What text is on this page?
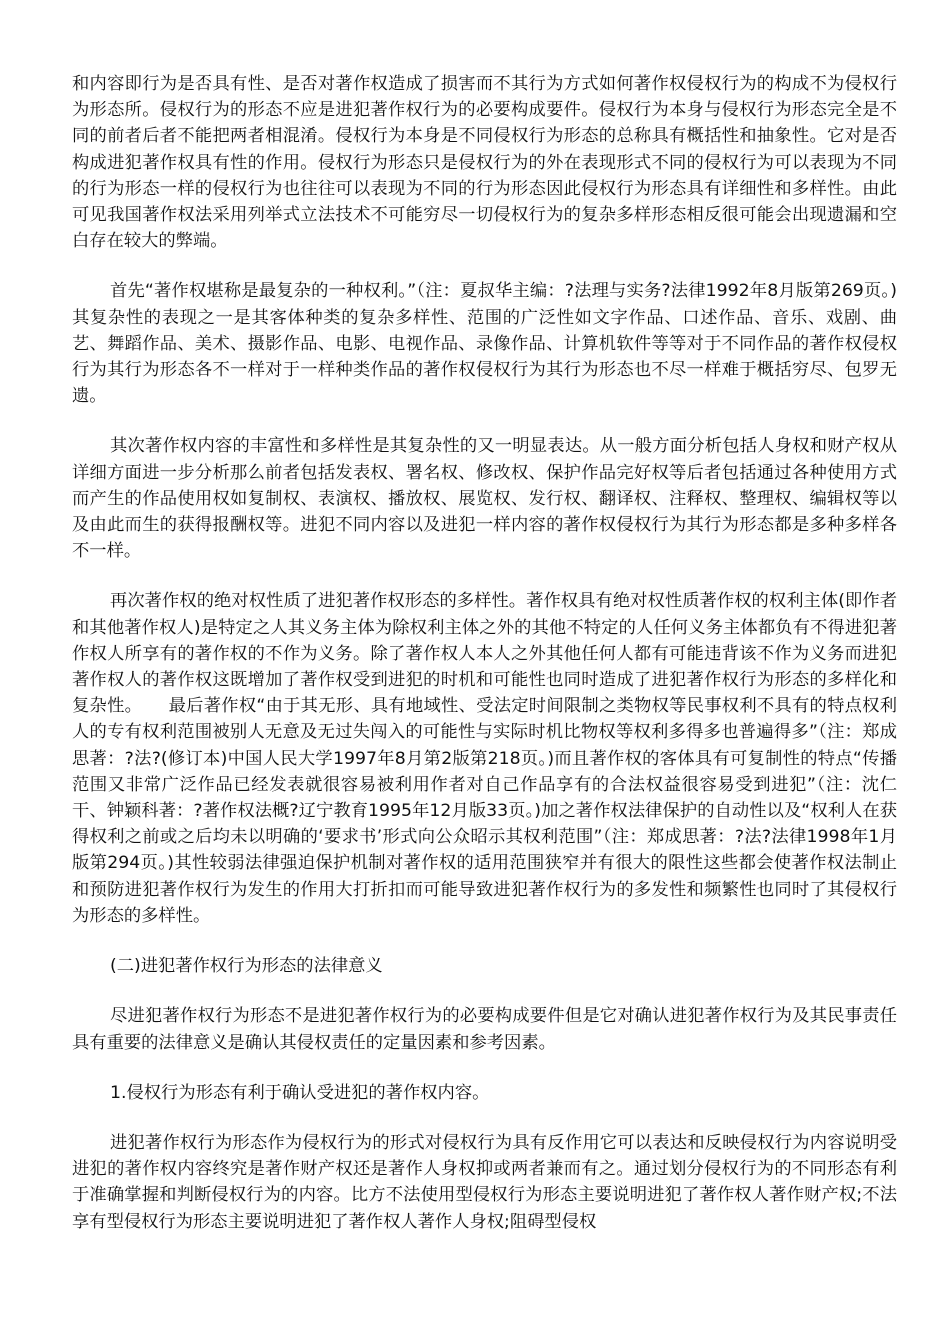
和内容即行为是否具有性、是否对著作权造成了损害而不其行为方式如何著作权侵权行为的构成不为侵权行为形态所。侵权行为的形态不应是进犯著作权行为的必要构成要件。侵权行为本身与侵权行为形态完全是不同的前者后者不能把两者相混淆。侵权行为本身是不同侵权行为形态的总称具有概括性和抽象性。它对是否构成进犯著作权具有性的作用。侵权行为形态只是侵权行为的外在表现形式不同的侵权行为可以表现为不同的行为形态一样的侵权行为也往往可以表现为不同的行为形态因此侵权行为形态具有详细性和多样性。由此可见我国著作权法采用列举式立法技术不可能穷尽一切侵权行为的复杂多样形态相反很可能会出现遗漏和空白存在较大的弊端。

首先“著作权堪称是最复杂的一种权利。”（注：夏叔华主编：?法理与实务?法律1992年8月版第269页。)其复杂性的表现之一是其客体种类的复杂多样性、范围的广泛性如文字作品、口述作品、音乐、戏剧、曲艺、舞蹈作品、美术、摄影作品、电影、电视作品、录像作品、计算机软件等等对于不同作品的著作权侵权行为其行为形态各不一样对于一样种类作品的著作权侵权行为其行为形态也不尽一样难于概括穷尽、包罗无遗。

其次著作权内容的丰富性和多样性是其复杂性的又一明显表达。从一般方面分析包括人身权和财产权从详细方面进一步分析那么前者包括发表权、署名权、修改权、保护作品完好权等后者包括通过各种使用方式而产生的作品使用权如复制权、表演权、播放权、展览权、发行权、翻译权、注释权、整理权、编辑权等以及由此而生的获得报酬权等。进犯不同内容以及进犯一样内容的著作权侵权行为其行为形态都是多种多样各不一样。

再次著作权的绝对权性质了进犯著作权形态的多样性。著作权具有绝对权性质著作权的权利主体(即作者和其他著作权人)是特定之人其义务主体为除权利主体之外的其他不特定的人任何义务主体都负有不得进犯著作权人所享有的著作权的不作为义务。除了著作权人本人之外其他任何人都有可能违背该不作为义务而进犯著作权人的著作权这既增加了著作权受到进犯的时机和可能性也同时造成了进犯著作权行为形态的多样化和复杂性。　　最后著作权“由于其无形、具有地域性、受法定时间限制之类物权等民事权利不具有的特点权利人的专有权利范围被别人无意及无过失闯入的可能性与实际时机比物权等权利多得多也普遍得多”（注：郑成思著：?法?(修订本)中国人民大学1997年8月第2版第218页。)而且著作权的客体具有可复制性的特点“传播范围又非常广泛作品已经发表就很容易被利用作者对自己作品享有的合法权益很容易受到进犯”（注：沈仁干、钟颖科著：?著作权法概?辽宁教育1995年12月版33页。)加之著作权法律保护的自动性以及“权利人在获得权利之前或之后均未以明确的‘要求书’形式向公众昭示其权利范围”（注：郑成思著：?法?法律1998年1月版第294页。)其性较弱法律强迫保护机制对著作权的适用范围狭窄并有很大的限性这些都会使著作权法制止和预防进犯著作权行为发生的作用大打折扣而可能导致进犯著作权行为的多发性和频繁性也同时了其侵权行为形态的多样性。

(二)进犯著作权行为形态的法律意义

尽进犯著作权行为形态不是进犯著作权行为的必要构成要件但是它对确认进犯著作权行为及其民事责任具有重要的法律意义是确认其侵权责任的定量因素和参考因素。

1.侵权行为形态有利于确认受进犯的著作权内容。

进犯著作权行为形态作为侵权行为的形式对侵权行为具有反作用它可以表达和反映侵权行为内容说明受进犯的著作权内容终究是著作财产权还是著作人身权抑或两者兼而有之。通过划分侵权行为的不同形态有利于准确掌握和判断侵权行为的内容。比方不法使用型侵权行为形态主要说明进犯了著作权人著作财产权;不法享有型侵权行为形态主要说明进犯了著作权人著作人身权;阻碍型侵权
